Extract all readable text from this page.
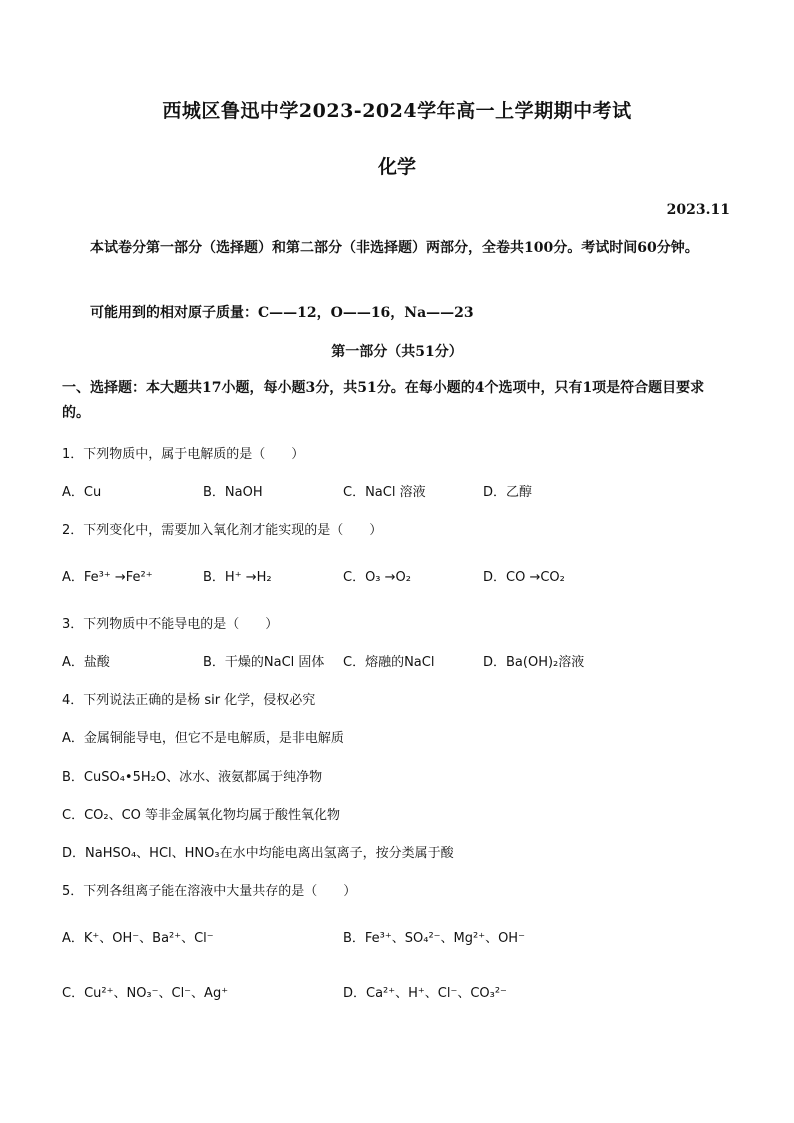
西城区鲁迅中学2023-2024学年高一上学期期中考试
化学
2023.11
本试卷分第一部分（选择题）和第二部分（非选择题）两部分，全卷共100分。考试时间60分钟。
可能用到的相对原子质量：C——12，O——16，Na——23
第一部分（共51分）
一、选择题：本大题共17小题，每小题3分，共51分。在每小题的4个选项中，只有1项是符合题目要求的。
1．下列物质中，属于电解质的是（　　）
A．Cu	B．NaOH	C．NaCl 溶液	D．乙醇
2．下列变化中，需要加入氧化剂才能实现的是（　　）
A．Fe³⁺ →Fe²⁺	B．H⁺ →H₂	C．O₃ →O₂	D．CO →CO₂
3．下列物质中不能导电的是（　　）
A．盐酸	B．干燥的NaCl 固体 C．熔融的NaCl	D．Ba(OH)₂溶液
4．下列说法正确的是杨 sir 化学，侵权必究
A．金属铜能导电，但它不是电解质，是非电解质
B．CuSO₄•5H₂O、冰水、液氨都属于纯净物
C．CO₂、CO 等非金属氧化物均属于酸性氧化物
D．NaHSO₄、HCl、HNO₃在水中均能电离出氢离子，按分类属于酸
5．下列各组离子能在溶液中大量共存的是（　　）
A．K⁺、OH⁻、Ba²⁺、Cl⁻	B．Fe³⁺、SO₄²⁻、Mg²⁺、OH⁻
C．Cu²⁺、NO₃⁻、Cl⁻、Ag⁺	D．Ca²⁺、H⁺、Cl⁻、CO₃²⁻
